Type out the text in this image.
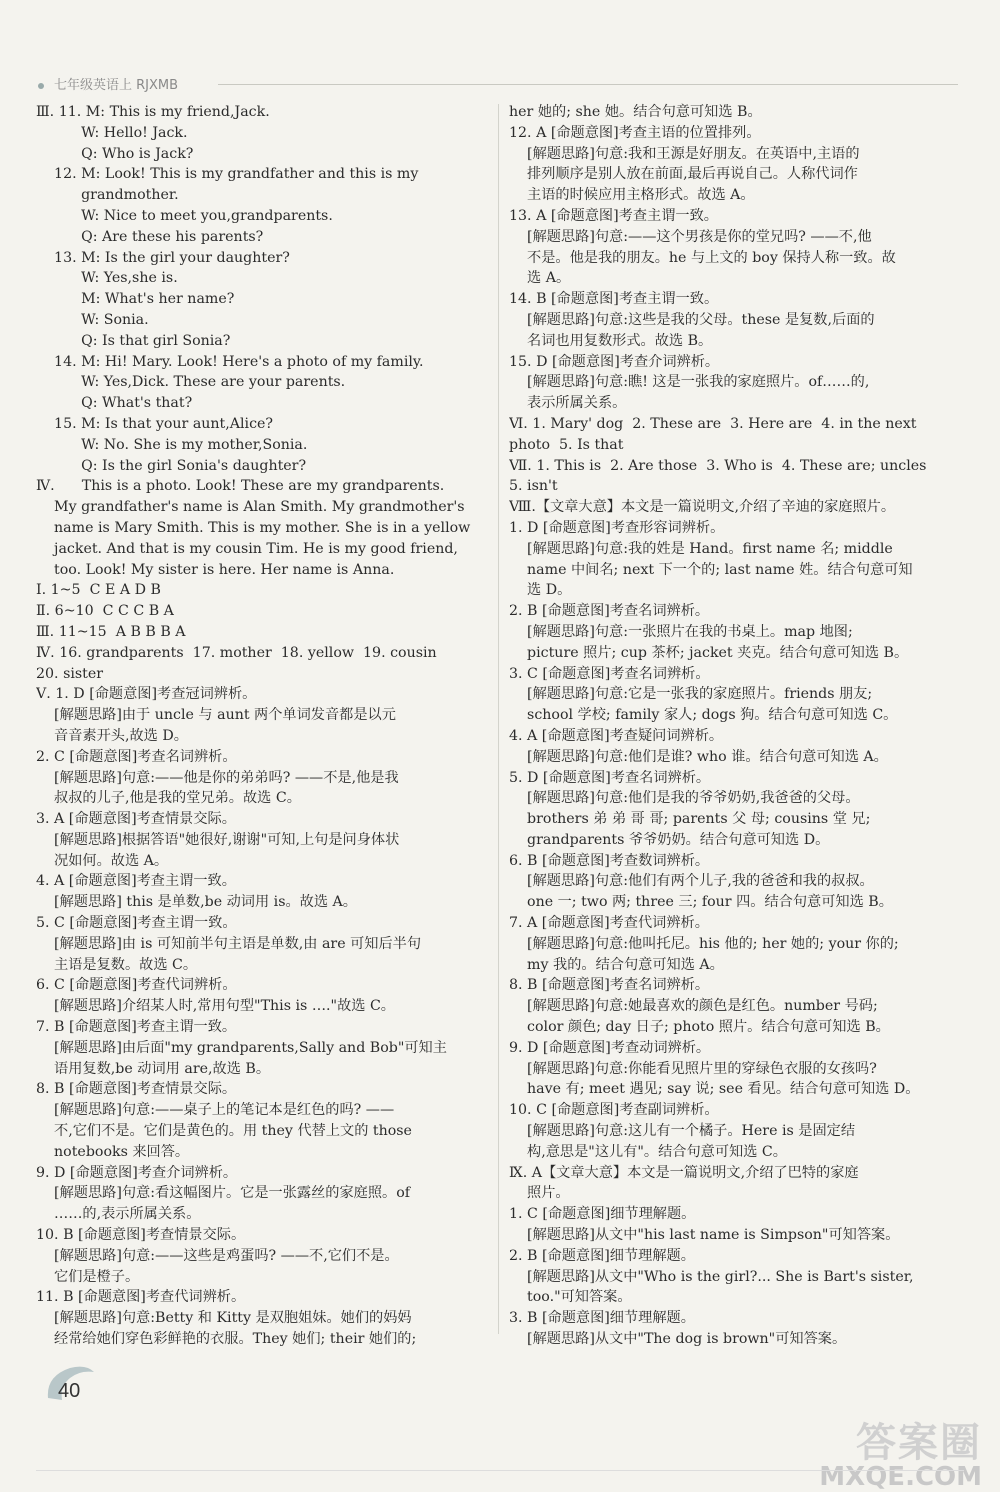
七年级英语上 RJXMB
Ⅲ. 11. M: This is my friend,Jack.
W: Hello! Jack.
Q: Who is Jack?
12. M: Look! This is my grandfather and this is my
grandmother.
W: Nice to meet you,grandparents.
Q: Are these his parents?
13. M: Is the girl your daughter?
W: Yes,she is.
M: What's her name?
W: Sonia.
Q: Is that girl Sonia?
14. M: Hi! Mary. Look! Here's a photo of my family.
W: Yes,Dick. These are your parents.
Q: What's that?
15. M: Is that your aunt,Alice?
W: No. She is my mother,Sonia.
Q: Is the girl Sonia's daughter?
Ⅳ.      This is a photo. Look! These are my grandparents.
My grandfather's name is Alan Smith. My grandmother's
name is Mary Smith. This is my mother. She is in a yellow
jacket. And that is my cousin Tim. He is my good friend,
too. Look! My sister is here. Her name is Anna.
Ⅰ. 1~5  C E A D B
Ⅱ. 6~10  C C C B A
Ⅲ. 11~15  A B B B A
Ⅳ. 16. grandparents  17. mother  18. yellow  19. cousin
20. sister
Ⅴ. 1. D [命题意图]考查冠词辨析。
[解题思路]由于 uncle 与 aunt 两个单词发音都是以元
音音素开头,故选 D。
2. C [命题意图]考查名词辨析。
[解题思路]句意:——他是你的弟弟吗? ——不是,他是我
叔叔的儿子,他是我的堂兄弟。故选 C。
3. A [命题意图]考查情景交际。
[解题思路]根据答语"她很好,谢谢"可知,上句是问身体状
况如何。故选 A。
4. A [命题意图]考查主谓一致。
[解题思路] this 是单数,be 动词用 is。故选 A。
5. C [命题意图]考查主谓一致。
[解题思路]由 is 可知前半句主语是单数,由 are 可知后半句
主语是复数。故选 C。
6. C [命题意图]考查代词辨析。
[解题思路]介绍某人时,常用句型"This is …."故选 C。
7. B [命题意图]考查主谓一致。
[解题思路]由后面"my grandparents,Sally and Bob"可知主
语用复数,be 动词用 are,故选 B。
8. B [命题意图]考查情景交际。
[解题思路]句意:——桌子上的笔记本是红色的吗? ——
不,它们不是。它们是黄色的。用 they 代替上文的 those
notebooks 来回答。
9. D [命题意图]考查介词辨析。
[解题思路]句意:看这幅图片。它是一张露丝的家庭照。of
……的,表示所属关系。
10. B [命题意图]考查情景交际。
[解题思路]句意:——这些是鸡蛋吗? ——不,它们不是。
它们是橙子。
11. B [命题意图]考查代词辨析。
[解题思路]句意:Betty 和 Kitty 是双胞姐妹。她们的妈妈
经常给她们穿色彩鲜艳的衣服。They 她们; their 她们的;
her 她的; she 她。结合句意可知选 B。
12. A [命题意图]考查主语的位置排列。
[解题思路]句意:我和王源是好朋友。在英语中,主语的
排列顺序是别人放在前面,最后再说自己。人称代词作
主语的时候应用主格形式。故选 A。
13. A [命题意图]考查主谓一致。
[解题思路]句意:——这个男孩是你的堂兄吗? ——不,他
不是。他是我的朋友。he 与上文的 boy 保持人称一致。故
选 A。
14. B [命题意图]考查主谓一致。
[解题思路]句意:这些是我的父母。these 是复数,后面的
名词也用复数形式。故选 B。
15. D [命题意图]考查介词辨析。
[解题思路]句意:瞧! 这是一张我的家庭照片。of……的,
表示所属关系。
Ⅵ. 1. Mary' dog  2. These are  3. Here are  4. in the next
photo  5. Is that
Ⅶ. 1. This is  2. Are those  3. Who is  4. These are; uncles
5. isn't
Ⅷ.【文章大意】本文是一篇说明文,介绍了辛迪的家庭照片。
1. D [命题意图]考查形容词辨析。
[解题思路]句意:我的姓是 Hand。first name 名; middle
name 中间名; next 下一个的; last name 姓。结合句意可知
选 D。
2. B [命题意图]考查名词辨析。
[解题思路]句意:一张照片在我的书桌上。map 地图;
picture 照片; cup 茶杯; jacket 夹克。结合句意可知选 B。
3. C [命题意图]考查名词辨析。
[解题思路]句意:它是一张我的家庭照片。friends 朋友;
school 学校; family 家人; dogs 狗。结合句意可知选 C。
4. A [命题意图]考查疑问词辨析。
[解题思路]句意:他们是谁? who 谁。结合句意可知选 A。
5. D [命题意图]考查名词辨析。
[解题思路]句意:他们是我的爷爷奶奶,我爸爸的父母。
brothers 弟 弟 哥 哥; parents 父 母; cousins 堂 兄;
grandparents 爷爷奶奶。结合句意可知选 D。
6. B [命题意图]考查数词辨析。
[解题思路]句意:他们有两个儿子,我的爸爸和我的叔叔。
one 一; two 两; three 三; four 四。结合句意可知选 B。
7. A [命题意图]考查代词辨析。
[解题思路]句意:他叫托尼。his 他的; her 她的; your 你的;
my 我的。结合句意可知选 A。
8. B [命题意图]考查名词辨析。
[解题思路]句意:她最喜欢的颜色是红色。number 号码;
color 颜色; day 日子; photo 照片。结合句意可知选 B。
9. D [命题意图]考查动词辨析。
[解题思路]句意:你能看见照片里的穿绿色衣服的女孩吗?
have 有; meet 遇见; say 说; see 看见。结合句意可知选 D。
10. C [命题意图]考查副词辨析。
[解题思路]句意:这儿有一个橘子。Here is 是固定结
构,意思是"这儿有"。结合句意可知选 C。
Ⅸ. A【文章大意】本文是一篇说明文,介绍了巴特的家庭
照片。
1. C [命题意图]细节理解题。
[解题思路]从文中"his last name is Simpson"可知答案。
2. B [命题意图]细节理解题。
[解题思路]从文中"Who is the girl?... She is Bart's sister,
too."可知答案。
3. B [命题意图]细节理解题。
[解题思路]从文中"The dog is brown"可知答案。
40
答案圈
MXQE.COM
